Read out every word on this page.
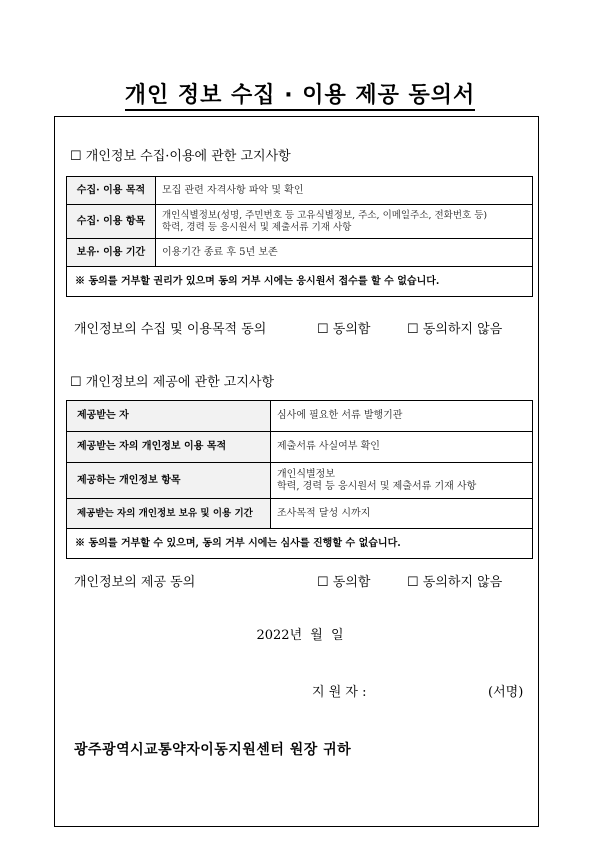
개인 정보 수집 · 이용 제공 동의서
☐ 개인정보 수집·이용에 관한 고지사항
수집· 이용 목적	모집 관련 자격사항 파악 및 확인
수집· 이용 항목	개인식별정보(성명, 주민번호 등 고유식별정보, 주소, 이메일주소, 전화번호 등)
학력, 경력 등 응시원서 및 제출서류 기재 사항

보유· 이용 기간	이용기간 종료 후 5년 보존
※ 동의를 거부할 권리가 있으며 동의 거부 시에는 응시원서 접수를 할 수 없습니다.	
개인정보의 수집 및 이용목적 동의	☐ 동의함	☐ 동의하지 않음
☐ 개인정보의 제공에 관한 고지사항
제공받는 자	심사에 필요한 서류 발행기관
제공받는 자의 개인정보 이용 목적	제출서류 사실여부 확인
제공하는 개인정보 항목	개인식별정보
학력, 경력 등 응시원서 및 제출서류 기재 사항

제공받는 자의 개인정보 보유 및 이용 기간	조사목적 달성 시까지
※ 동의를 거부할 수 있으며, 동의 거부 시에는 심사를 진행할 수 없습니다.	
개인정보의 제공 동의	☐ 동의함	☐ 동의하지 않음
2022년 월 일
지 원 자 :	(서명)
광주광역시교통약자이동지원센터 원장 귀하
